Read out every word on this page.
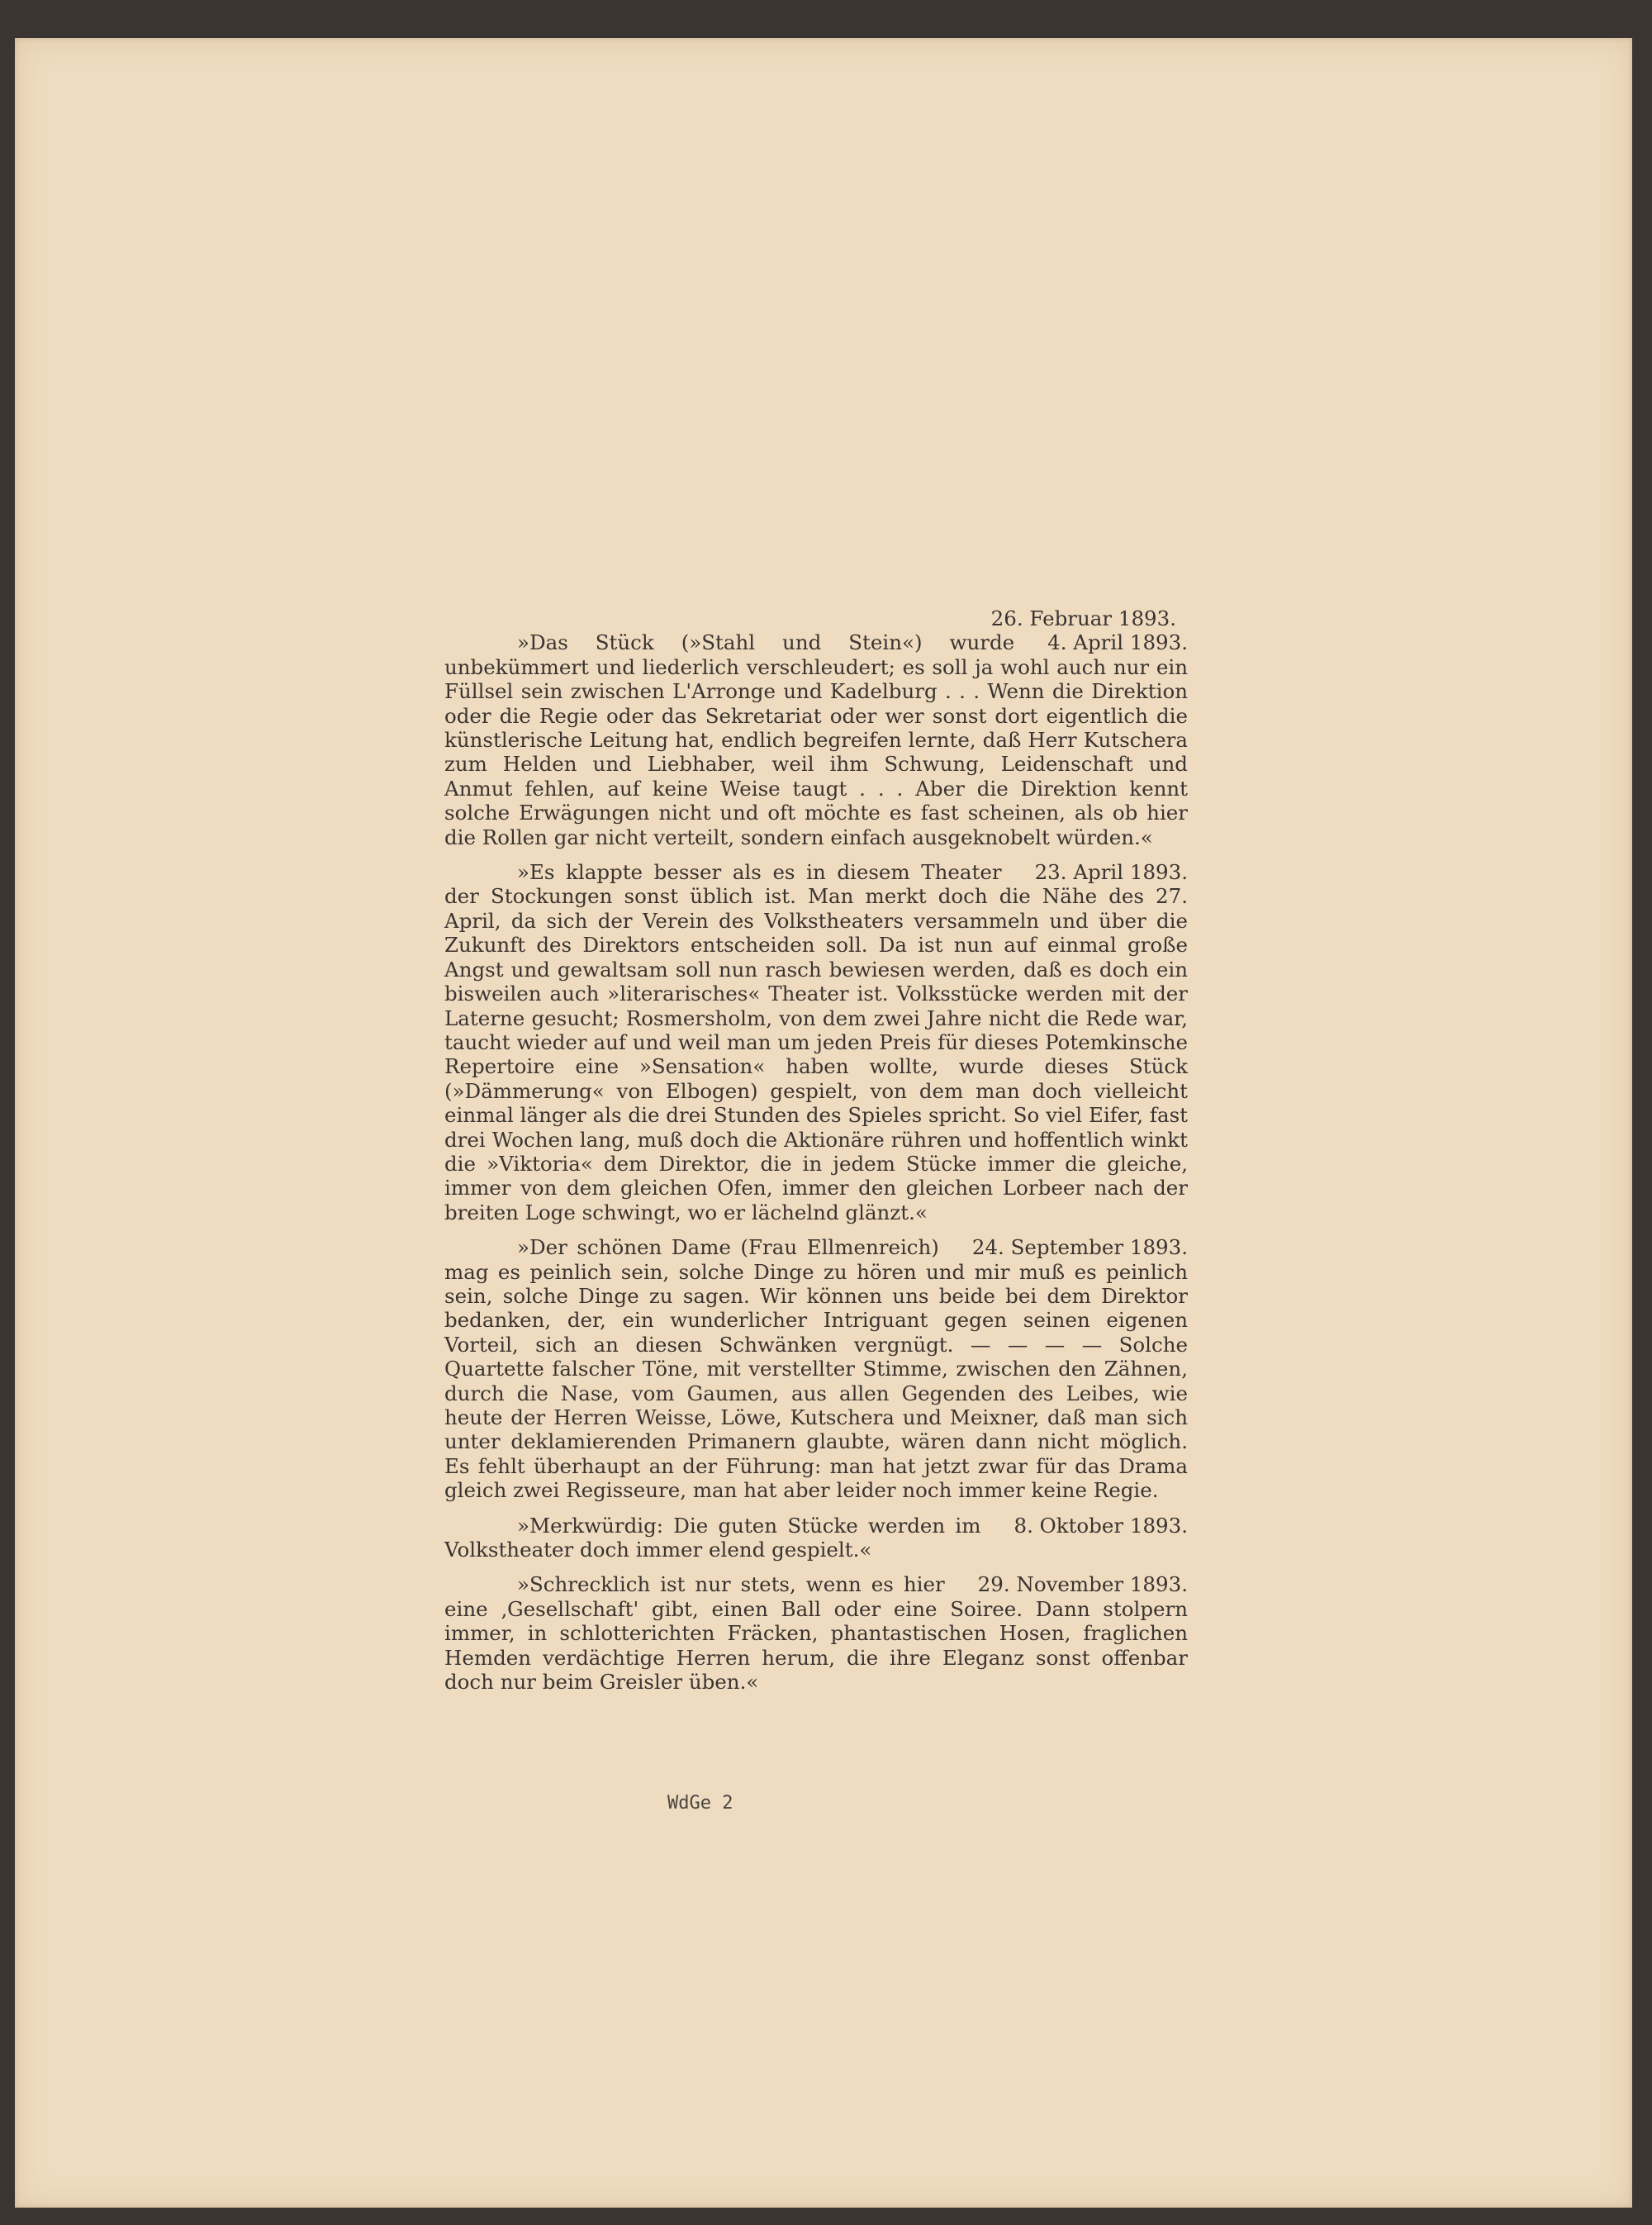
26. Februar 1893.

4. April 1893.
»Das Stück (»Stahl und Stein«) wurde unbekümmert und liederlich verschleudert; es soll ja wohl auch nur ein Füllsel sein zwischen L'Arronge und Kadelburg . . . Wenn die Direktion oder die Regie oder das Sekretariat oder wer sonst dort eigentlich die künstlerische Leitung hat, endlich begreifen lernte, daß Herr Kutschera zum Helden und Liebhaber, weil ihm Schwung, Leidenschaft und Anmut fehlen, auf keine Weise taugt . . . Aber die Direktion kennt solche Erwägungen nicht und oft möchte es fast scheinen, als ob hier die Rollen gar nicht verteilt, sondern einfach ausgeknobelt würden.«

23. April 1893.
»Es klappte besser als es in diesem Theater der Stockungen sonst üblich ist. Man merkt doch die Nähe des 27. April, da sich der Verein des Volkstheaters versammeln und über die Zukunft des Direktors entscheiden soll. Da ist nun auf einmal große Angst und gewaltsam soll nun rasch bewiesen werden, daß es doch ein bisweilen auch »literarisches« Theater ist. Volksstücke werden mit der Laterne gesucht; Rosmersholm, von dem zwei Jahre nicht die Rede war, taucht wieder auf und weil man um jeden Preis für dieses Potemkinsche Repertoire eine »Sensation« haben wollte, wurde dieses Stück (»Dämmerung« von Elbogen) gespielt, von dem man doch vielleicht einmal länger als die drei Stunden des Spieles spricht. So viel Eifer, fast drei Wochen lang, muß doch die Aktionäre rühren und hoffentlich winkt die »Viktoria« dem Direktor, die in jedem Stücke immer die gleiche, immer von dem gleichen Ofen, immer den gleichen Lorbeer nach der breiten Loge schwingt, wo er lächelnd glänzt.«

24. September 1893.
»Der schönen Dame (Frau Ellmenreich) mag es peinlich sein, solche Dinge zu hören und mir muß es peinlich sein, solche Dinge zu sagen. Wir können uns beide bei dem Direktor bedanken, der, ein wunderlicher Intriguant gegen seinen eigenen Vorteil, sich an diesen Schwänken vergnügt. — — — — Solche Quartette falscher Töne, mit verstellter Stimme, zwischen den Zähnen, durch die Nase, vom Gaumen, aus allen Gegenden des Leibes, wie heute der Herren Weisse, Löwe, Kutschera und Meixner, daß man sich unter deklamierenden Primanern glaubte, wären dann nicht möglich. Es fehlt überhaupt an der Führung: man hat jetzt zwar für das Drama gleich zwei Regisseure, man hat aber leider noch immer keine Regie.

8. Oktober 1893.
»Merkwürdig: Die guten Stücke werden im Volkstheater doch immer elend gespielt.«

29. November 1893.
»Schrecklich ist nur stets, wenn es hier eine ‚Gesellschaft' gibt, einen Ball oder eine Soiree. Dann stolpern immer, in schlotterichten Fräcken, phantastischen Hosen, fraglichen Hemden verdächtige Herren herum, die ihre Eleganz sonst offenbar doch nur beim Greisler üben.«

WdGe 2
